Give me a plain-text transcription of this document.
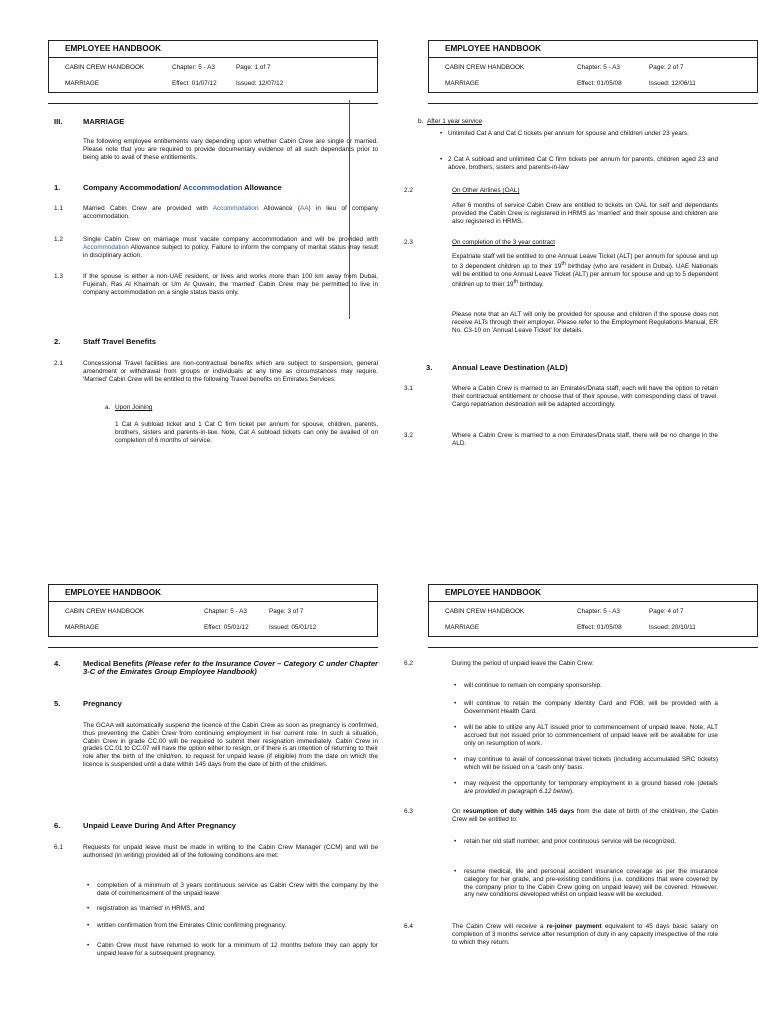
EMPLOYEE HANDBOOK
CABIN CREW HANDBOOK	Chapter: 5 - A3	Page: 1 of 7
MARRIAGE	Effect: 01/07/12	Issued: 12/07/12
III.	MARRIAGE
The following employee entitlements vary depending upon whether Cabin Crew are single or married. Please note that you are required to provide documentary evidence of all such dependants prior to being able to avail of these entitlements.
1.	Company Accommodation/ Accommodation Allowance
1.1	Married Cabin Crew are provided with Accommodation Allowance (AA) in lieu of company accommodation.
1.2	Single Cabin Crew on marriage must vacate company accommodation and will be provided with Accommodation Allowance subject to policy. Failure to inform the company of marital status may result in disciplinary action.
1.3	If the spouse is either a non-UAE resident, or lives and works more than 100 km away from Dubai, Fujeirah, Ras Al Khaimah or Um Al Quwain, the 'married' Cabin Crew may be permitted to live in company accommodation on a single status basis only.
2.	Staff Travel Benefits
2.1	Concessional Travel facilities are non-contractual benefits which are subject to suspension, general amendment or withdrawal from groups or individuals at any time as circumstances may require. 'Married' Cabin Crew will be entitled to the following Travel benefits on Emirates Services:
a. Upon Joining
1 Cat A subload ticket and 1 Cat C firm ticket per annum for spouse, children, parents, brothers, sisters and parents-in-law. Note, Cat A subload tickets can only be availed of on completion of 6 months of service.
EMPLOYEE HANDBOOK
CABIN CREW HANDBOOK	Chapter: 5 - A3	Page: 2 of 7
MARRIAGE	Effect: 01/05/08	Issued: 12/06/11
b. After 1 year service
• Unlimited Cat A and Cat C tickets per annum for spouse and children under 23 years.
• 2 Cat A subload and unlimited Cat C firm tickets per annum for parents, children aged 23 and above, brothers, sisters and parents-in-law
2.2	On Other Airlines (OAL)
After 6 months of service Cabin Crew are entitled to tickets on OAL for self and dependants provided the Cabin Crew is registered in HRMS as 'married' and their spouse and children are also registered in HRMS.
2.3	On completion of the 3 year contract
Expatriate staff will be entitled to one Annual Leave Ticket (ALT) per annum for spouse and up to 3 dependent children up to their 19th birthday (who are resident in Dubai). UAE Nationals will be entitled to one Annual Leave Ticket (ALT) per annum for spouse and up to 5 dependent children up to their 19th birthday.
Please note that an ALT will only be provided for spouse and children if the spouse does not receive ALTs through their employer. Please refer to the Employment Regulations Manual, ER No. C3-10 on 'Annual Leave Ticket' for details.
3.	Annual Leave Destination (ALD)
3.1	Where a Cabin Crew is married to an Emirates/Dnata staff, each will have the option to retain their contractual entitlement or choose that of their spouse, with corresponding class of travel. Cargo repatriation destination will be adapted accordingly.
3.2	Where a Cabin Crew is married to a non Emirates/Dnata staff, there will be no change in the ALD.
EMPLOYEE HANDBOOK
CABIN CREW HANDBOOK	Chapter: 5 - A3	Page: 3 of 7
MARRIAGE	Effect: 05/01/12	Issued: 05/01/12
4.	Medical Benefits (Please refer to the Insurance Cover – Category C under Chapter 3-C of the Emirates Group Employee Handbook)
5.	Pregnancy
The GCAA will automatically suspend the licence of the Cabin Crew as soon as pregnancy is confirmed, thus preventing the Cabin Crew from continuing employment in her current role. In such a situation, Cabin Crew in grade CC.00 will be required to submit their resignation immediately. Cabin Crew in grades CC.01 to CC.07 will have the option either to resign, or if there is an intention of returning to their role after the birth of the child/ren, to request for unpaid leave (if eligible) from the date on which the licence is suspended until a date within 145 days from the date of birth of the child/ren.
6.	Unpaid Leave During And After Pregnancy
6.1	Requests for unpaid leave must be made in writing to the Cabin Crew Manager (CCM) and will be authorised (in writing) provided all of the following conditions are met:
• completion of a minimum of 3 years continuous service as Cabin Crew with the company by the date of commencement of the unpaid leave
• registration as 'married' in HRMS, and
• written confirmation from the Emirates Clinic confirming pregnancy.
• Cabin Crew must have returned to work for a minimum of 12 months before they can apply for unpaid leave for a subsequent pregnancy.
EMPLOYEE HANDBOOK
CABIN CREW HANDBOOK	Chapter: 5 - A3	Page: 4 of 7
MARRIAGE	Effect: 01/05/08	Issued: 20/10/11
6.2	During the period of unpaid leave the Cabin Crew:
• will continue to remain on company sponsorship.
• will continue to retain the company Identity Card and FOB, will be provided with a Government Health Card.
• will be able to utilize any ALT issued prior to commencement of unpaid leave. Note, ALT accrued but not issued prior to commencement of unpaid leave will be available for use only on resumption of work.
• may continue to avail of concessional travel tickets (including accumulated SRC tickets) which will be issued on a 'cash only' basis.
• may request the opportunity for temporary employment in a ground based role (details are provided in paragraph 6.12 below).
6.3	On resumption of duty within 145 days from the date of birth of the child/ren, the Cabin Crew will be entitled to:
• retain her old staff number, and prior continuous service will be recognized,
• resume medical, life and personal accident insurance coverage as per the insurance category for her grade, and pre-existing conditions (i.e. conditions that were covered by the company prior to the Cabin Crew going on unpaid leave) will be covered. However, any new conditions developed whilst on unpaid leave will be excluded.
6.4	The Cabin Crew will receive a re-joiner payment equivalent to 45 days basic salary on completion of 3 months service after resumption of duty in any capacity irrespective of the role to which they return.
